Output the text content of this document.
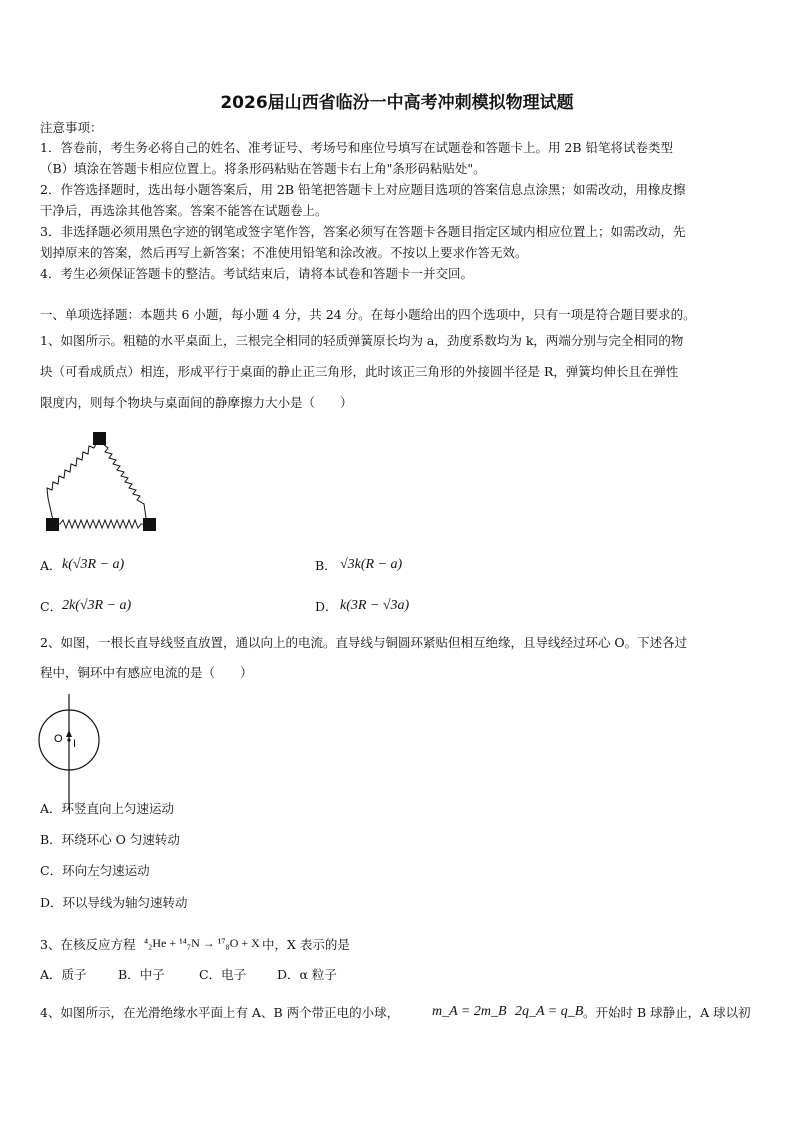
2026届山西省临汾一中高考冲刺模拟物理试题
注意事项：
1．答卷前，考生务必将自己的姓名、准考证号、考场号和座位号填写在试题卷和答题卡上。用 2B 铅笔将试卷类型
（B）填涂在答题卡相应位置上。将条形码粘贴在答题卡右上角"条形码粘贴处"。
2．作答选择题时，选出每小题答案后，用 2B 铅笔把答题卡上对应题目选项的答案信息点涂黑；如需改动，用橡皮擦
干净后，再选涂其他答案。答案不能答在试题卷上。
3．非选择题必须用黑色字迹的钢笔或签字笔作答，答案必须写在答题卡各题目指定区域内相应位置上；如需改动，先
划掉原来的答案，然后再写上新答案；不准使用铅笔和涂改液。不按以上要求作答无效。
4．考生必须保证答题卡的整洁。考试结束后，请将本试卷和答题卡一并交回。
一、单项选择题：本题共 6 小题，每小题 4 分，共 24 分。在每小题给出的四个选项中，只有一项是符合题目要求的。
1、如图所示。粗糙的水平桌面上，三根完全相同的轻质弹簧原长均为 a，劲度系数均为 k，两端分别与完全相同的物
块（可看成质点）相连，形成平行于桌面的静止正三角形，此时该正三角形的外接圆半径是 R，弹簧均伸长且在弹性
限度内，则每个物块与桌面间的静摩擦力大小是（　　）
A． k(√3R − a)	B． √3k(R − a)
C． 2k(√3R − a)	D． k(3R − √3a)
2、如图，一根长直导线竖直放置，通以向上的电流。直导线与铜圆环紧贴但相互绝缘，且导线经过环心 O。下述各过
程中，铜环中有感应电流的是（　　）
O I
A．环竖直向上匀速运动
B．环绕环心 O 匀速转动
C．环向左匀速运动
D．环以导线为轴匀速转动
3、在核反应方程 ⁴₂He + ¹⁴₇N → ¹⁷₈O + X 中，X 表示的是
A．质子	B．中子	C．电子 D．α 粒子
4、如图所示，在光滑绝缘水平面上有 A、B 两个带正电的小球， m_A = 2m_B 2q_A = q_B 。开始时 B 球静止，A 球以初
